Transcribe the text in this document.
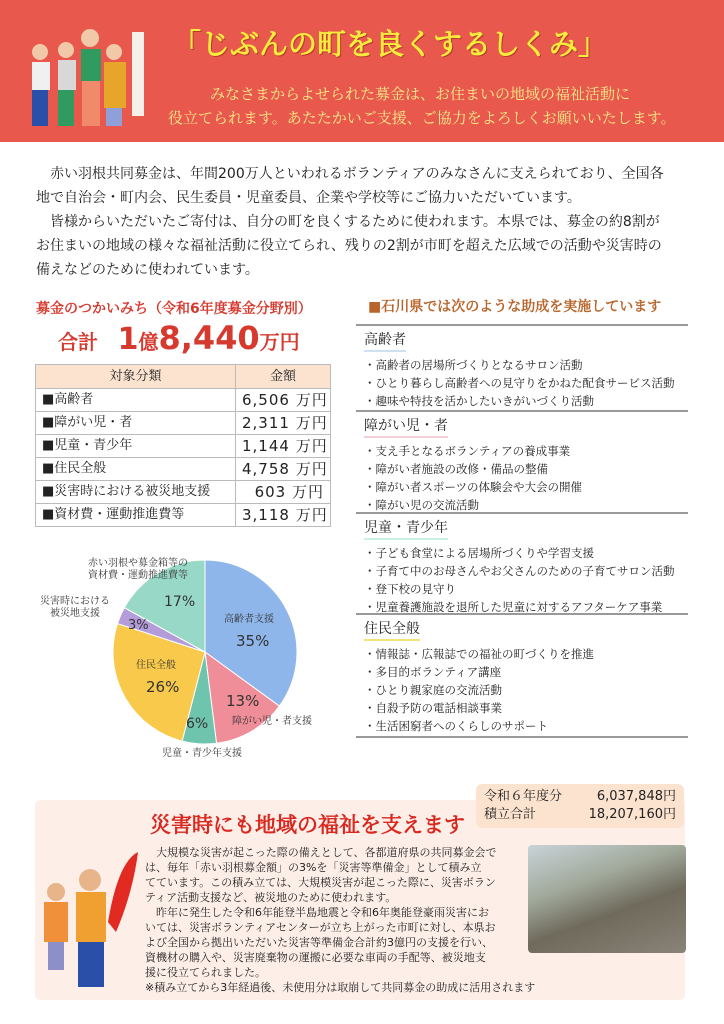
「じぶんの町を良くするしくみ」
みなさまからよせられた募金は、お住まいの地域の福祉活動に
役立てられます。あたたかいご支援、ご協力をよろしくお願いいたします。
　赤い羽根共同募金は、年間200万人といわれるボランティアのみなさんに支えられており、全国各
地で自治会・町内会、民生委員・児童委員、企業や学校等にご協力いただいています。
　皆様からいただいたご寄付は、自分の町を良くするために使われます。本県では、募金の約8割が
お住まいの地域の様々な福祉活動に役立てられ、残りの2割が市町を超えた広域での活動や災害時の
備えなどのために使われています。
募金のつかいみち（令和6年度募金分野別）
合計 1億8,440万円
対象分類	金額
■高齢者	6,506 万円
■障がい児・者	2,311 万円
■児童・青少年	1,144 万円
■住民全般	4,758 万円
■災害時における被災地支援	603 万円
■資材費・運動推進費等	3,118 万円
赤い羽根や募金箱等の
資材費・運動推進費等
災害時における
被災地支援
高齢者支援
住民全般
障がい児・者支援
児童・青少年支援
35%
13%
6%
26%
3%
17%
■石川県では次のような助成を実施しています
高齢者
・高齢者の居場所づくりとなるサロン活動
・ひとり暮らし高齢者への見守りをかねた配食サービス活動
・趣味や特技を活かしたいきがいづくり活動
障がい児・者
・支え手となるボランティアの養成事業
・障がい者施設の改修・備品の整備
・障がい者スポーツの体験会や大会の開催
・障がい児の交流活動
児童・青少年
・子ども食堂による居場所づくりや学習支援
・子育て中のお母さんやお父さんのための子育てサロン活動
・登下校の見守り
・児童養護施設を退所した児童に対するアフターケア事業
住民全般
・情報誌・広報誌での福祉の町づくりを推進
・多目的ボランティア講座
・ひとり親家庭の交流活動
・自殺予防の電話相談事業
・生活困窮者へのくらしのサポート
令和６年度分	6,037,848円
積立合計	18,207,160円
災害時にも地域の福祉を支えます
　大規模な災害が起こった際の備えとして、各都道府県の共同募金会で
は、毎年「赤い羽根募金額」の3%を「災害等準備金」として積み立
てています。この積み立ては、大規模災害が起こった際に、災害ボラン
ティア活動支援など、被災地のために使われます。
　昨年に発生した令和6年能登半島地震と令和6年奥能登豪雨災害にお
いては、災害ボランティアセンターが立ち上がった市町に対し、本県お
よび全国から拠出いただいた災害等準備金合計約3億円の支援を行い、
資機材の購入や、災害廃棄物の運搬に必要な車両の手配等、被災地支
援に役立てられました。
※積み立てから3年経過後、未使用分は取崩して共同募金の助成に活用されます
